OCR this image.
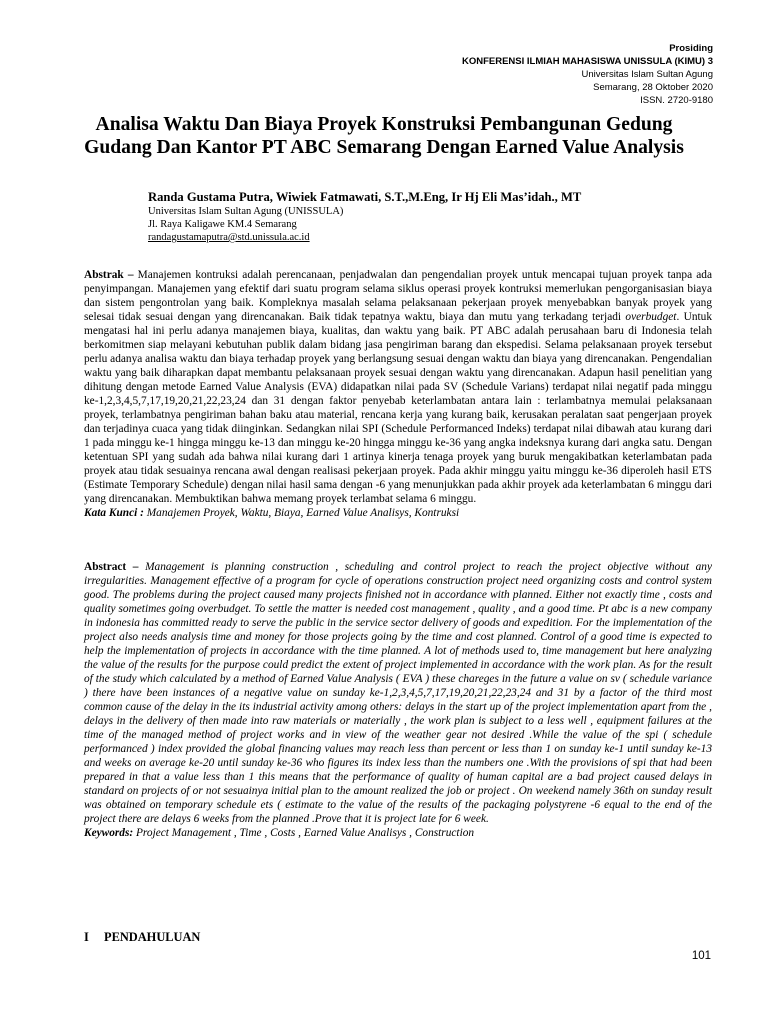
Prosiding
KONFERENSI ILMIAH MAHASISWA UNISSULA (KIMU) 3
Universitas Islam Sultan Agung
Semarang, 28 Oktober 2020
ISSN. 2720-9180
Analisa Waktu Dan Biaya Proyek Konstruksi Pembangunan Gedung
Gudang Dan Kantor PT ABC Semarang Dengan Earned Value Analysis
Randa Gustama Putra, Wiwiek Fatmawati, S.T.,M.Eng, Ir Hj Eli Mas’idah., MT
Universitas Islam Sultan Agung (UNISSULA)
Jl. Raya Kaligawe KM.4 Semarang
randagustamaputra@std.unissula.ac.id
Abstrak – Manajemen kontruksi adalah perencanaan, penjadwalan dan pengendalian proyek untuk mencapai tujuan proyek tanpa ada penyimpangan. Manajemen yang efektif dari suatu program selama siklus operasi proyek kontruksi memerlukan pengorganisasian biaya dan sistem pengontrolan yang baik. Kompleknya masalah selama pelaksanaan pekerjaan proyek menyebabkan banyak proyek yang selesai tidak sesuai dengan yang direncanakan. Baik tidak tepatnya waktu, biaya dan mutu yang terkadang terjadi overbudget. Untuk mengatasi hal ini perlu adanya manajemen biaya, kualitas, dan waktu yang baik. PT ABC adalah perusahaan baru di Indonesia telah berkomitmen siap melayani kebutuhan publik dalam bidang jasa pengiriman barang dan ekspedisi. Selama pelaksanaan proyek tersebut perlu adanya analisa waktu dan biaya terhadap proyek yang berlangsung sesuai dengan waktu dan biaya yang direncanakan. Pengendalian waktu yang baik diharapkan dapat membantu pelaksanaan proyek sesuai dengan waktu yang direncanakan. Adapun hasil penelitian yang dihitung dengan metode Earned Value Analysis (EVA) didapatkan nilai pada SV (Schedule Varians) terdapat nilai negatif pada minggu ke-1,2,3,4,5,7,17,19,20,21,22,23,24 dan 31 dengan faktor penyebab keterlambatan antara lain : terlambatnya memulai pelaksanaan proyek, terlambatnya pengiriman bahan baku atau material, rencana kerja yang kurang baik, kerusakan peralatan saat pengerjaan proyek dan terjadinya cuaca yang tidak diinginkan. Sedangkan nilai SPI (Schedule Performanced Indeks) terdapat nilai dibawah atau kurang dari 1 pada minggu ke-1 hingga minggu ke-13 dan minggu ke-20 hingga minggu ke-36 yang angka indeksnya kurang dari angka satu. Dengan ketentuan SPI yang sudah ada bahwa nilai kurang dari 1 artinya kinerja tenaga proyek yang buruk mengakibatkan keterlambatan pada proyek atau tidak sesuainya rencana awal dengan realisasi pekerjaan proyek. Pada akhir minggu yaitu minggu ke-36 diperoleh hasil ETS (Estimate Temporary Schedule) dengan nilai hasil sama dengan -6 yang menunjukkan pada akhir proyek ada keterlambatan 6 minggu dari yang direncanakan. Membuktikan bahwa memang proyek terlambat selama 6 minggu.
Kata Kunci : Manajemen Proyek, Waktu, Biaya, Earned Value Analisys, Kontruksi
Abstract – Management is planning construction , scheduling and control project to reach the project objective without any irregularities. Management effective of a program for cycle of operations construction project need organizing costs and control system good. The problems during the project caused many projects finished not in accordance with planned. Either not exactly time , costs and quality sometimes going overbudget. To settle the matter is needed cost management , quality , and a good time. Pt abc is a new company in indonesia has committed ready to serve the public in the service sector delivery of goods and expedition. For the implementation of the project also needs analysis time and money for those projects going by the time and cost planned. Control of a good time is expected to help the implementation of projects in accordance with the time planned. A lot of methods used to, time management but here analyzing the value of the results for the purpose could predict the extent of project implemented in accordance with the work plan. As for the result of the study which calculated by a method of Earned Value Analysis ( EVA ) these chareges in the future a value on sv ( schedule variance ) there have been instances of a negative value on sunday ke-1,2,3,4,5,7,17,19,20,21,22,23,24 and 31 by a factor of the third most common cause of the delay in the its industrial activity among others: delays in the start up of the project implementation apart from the , delays in the delivery of then made into raw materials or materially , the work plan is subject to a less well , equipment failures at the time of the managed method of project works and in view of the weather gear not desired .While the value of the spi ( schedule performanced ) index provided the global financing values may reach less than percent or less than 1 on sunday ke-1 until sunday ke-13 and weeks on average ke-20 until sunday ke-36 who figures its index less than the numbers one .With the provisions of spi that had been prepared in that a value less than 1 this means that the performance of quality of human capital are a bad project caused delays in standard on projects of or not sesuainya initial plan to the amount realized the job or project . On weekend namely 36th on sunday result was obtained on temporary schedule ets ( estimate to the value of the results of the packaging polystyrene -6 equal to the end of the project there are delays 6 weeks from the planned .Prove that it is project late for 6 week.
Keywords: Project Management , Time , Costs , Earned Value Analisys , Construction
I PENDAHULUAN
101
